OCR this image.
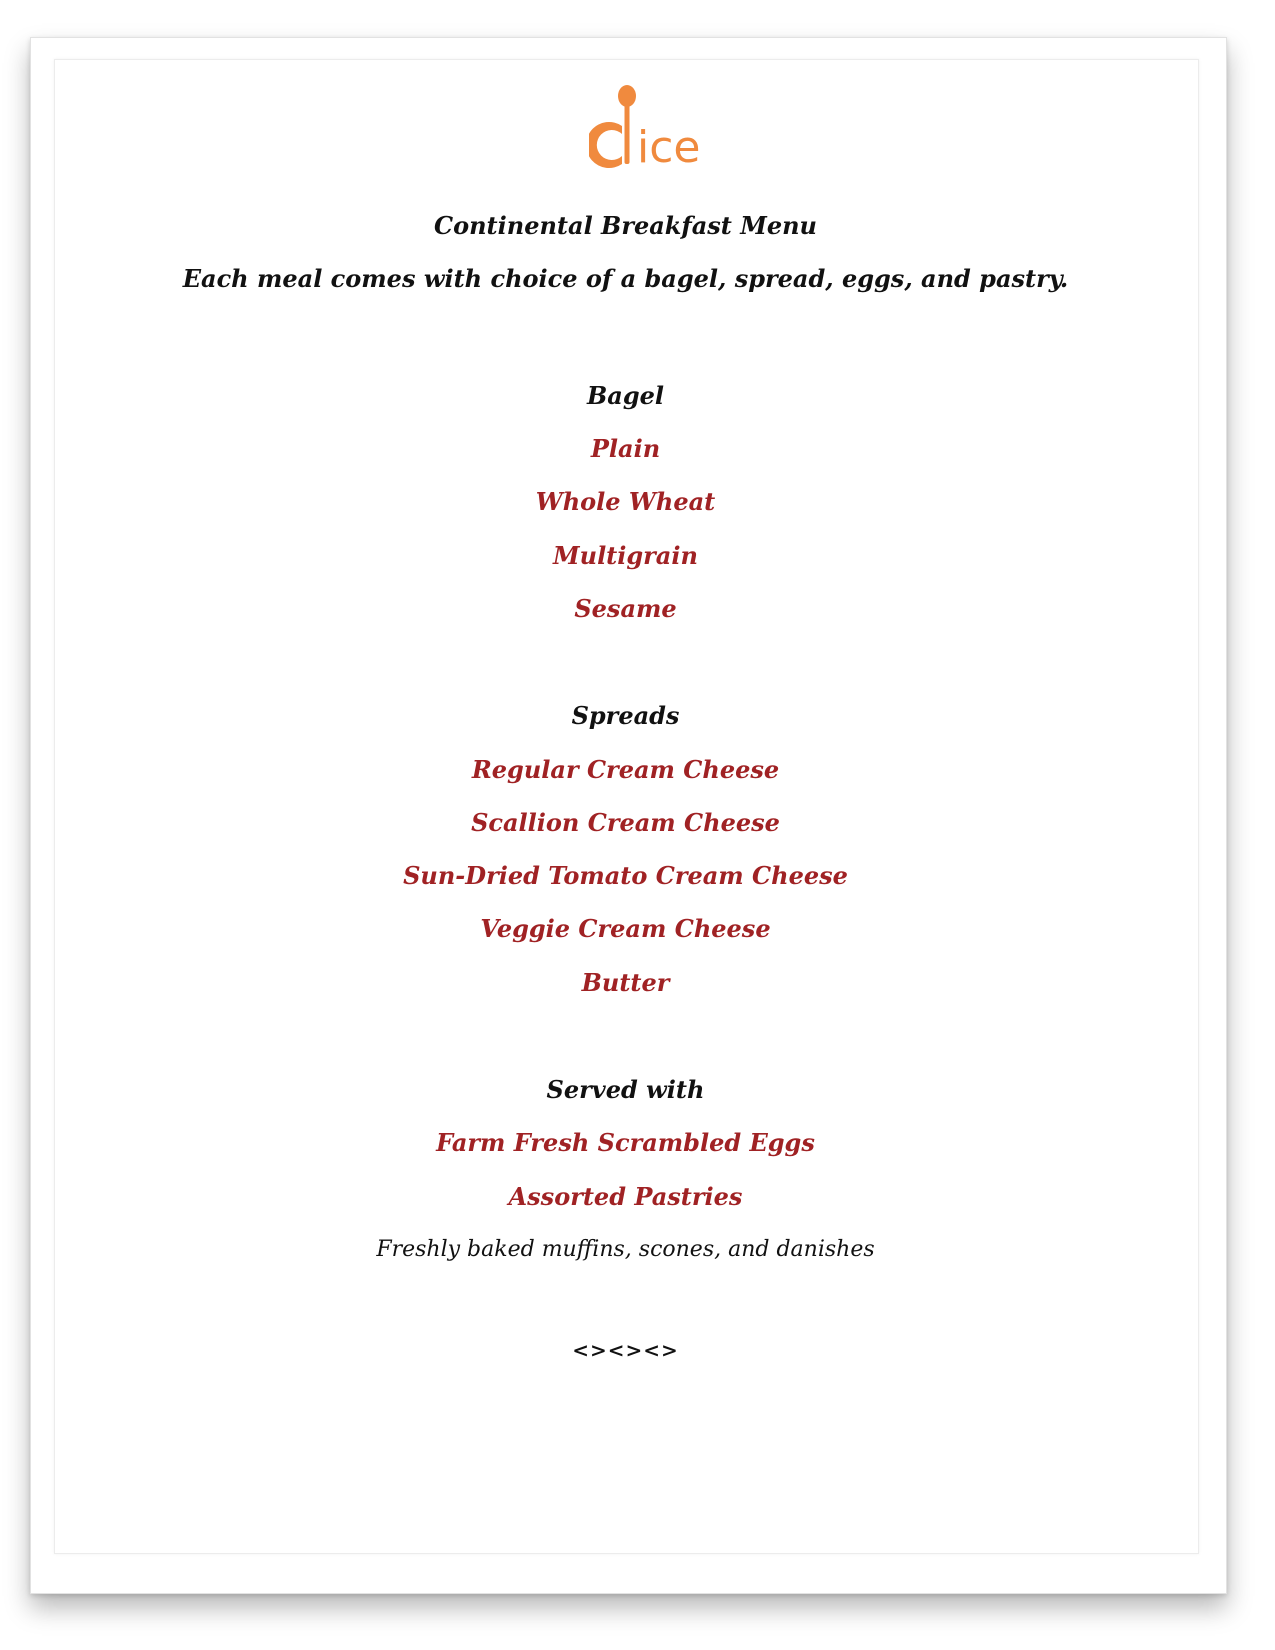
ice
Continental Breakfast Menu
Each meal comes with choice of a bagel, spread, eggs, and pastry.
Bagel
Plain
Whole Wheat
Multigrain
Sesame
Spreads
Regular Cream Cheese
Scallion Cream Cheese
Sun-Dried Tomato Cream Cheese
Veggie Cream Cheese
Butter
Served with
Farm Fresh Scrambled Eggs
Assorted Pastries
Freshly baked muffins, scones, and danishes
<><><>
